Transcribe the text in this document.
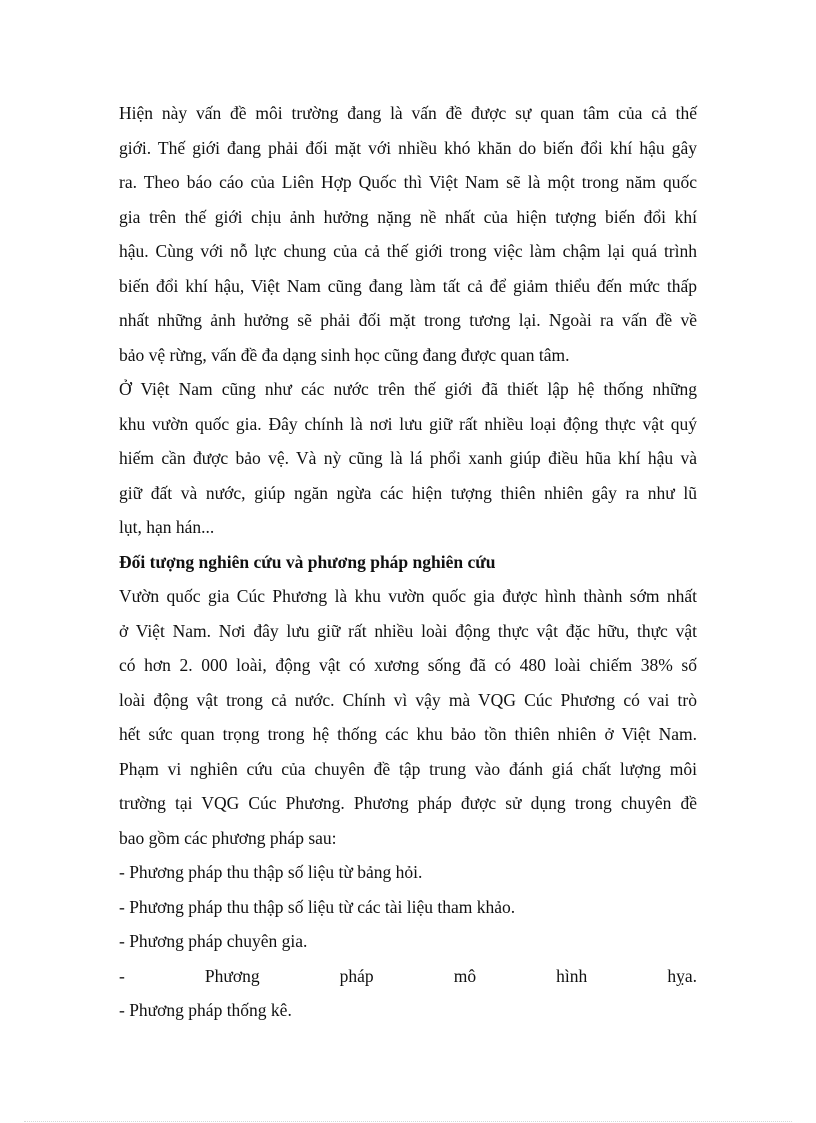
Hiện này vấn đề môi trường đang là vấn đề được sự quan tâm của cả thế
giới. Thế giới đang phải đối mặt với nhiều khó khăn do biến đổi khí hậu gây
ra. Theo báo cáo của Liên Hợp Quốc thì Việt Nam sẽ là một trong năm quốc
gia trên thế giới chịu ảnh hưởng nặng nề nhất của hiện tượng biến đổi khí
hậu. Cùng với nỗ lực chung của cả thế giới trong việc làm chậm lại quá trình
biến đổi khí hậu, Việt Nam cũng đang làm tất cả để giảm thiểu đến mức thấp
nhất những ảnh hưởng sẽ phải đối mặt trong tương lại. Ngoài ra vấn đề về
bảo vệ rừng, vấn đề đa dạng sinh học cũng đang được quan tâm.
Ở Việt Nam cũng như các nước trên thế giới đã thiết lập hệ thống những
khu vườn quốc gia. Đây chính là nơi lưu giữ rất nhiều loại động thực vật quý
hiếm cần được bảo vệ. Và nỳ cũng là lá phổi xanh giúp điều hũa khí hậu và
giữ đất và nước, giúp ngăn ngừa các hiện tượng thiên nhiên gây ra như lũ
lụt, hạn hán...
Đối tượng nghiên cứu và phương pháp nghiên cứu
Vườn quốc gia Cúc Phương là khu vườn quốc gia được hình thành sớm nhất
ở Việt Nam. Nơi đây lưu giữ rất nhiều loài động thực vật đặc hữu, thực vật
có hơn 2. 000 loài, động vật có xương sống đã có 480 loài chiếm 38% số
loài động vật trong cả nước. Chính vì vậy mà VQG Cúc Phương có vai trò
hết sức quan trọng trong hệ thống các khu bảo tồn thiên nhiên ở Việt Nam.
Phạm vi nghiên cứu của chuyên đề tập trung vào đánh giá chất lượng môi
trường tại VQG Cúc Phương. Phương pháp được sử dụng trong chuyên đề
bao gồm các phương pháp sau:
- Phương pháp thu thập số liệu từ bảng hỏi.
- Phương pháp thu thập số liệu từ các tài liệu tham khảo.
- Phương pháp chuyên gia.
-	Phương	pháp	mô	hình	hỵa.
- Phương pháp thống kê.
